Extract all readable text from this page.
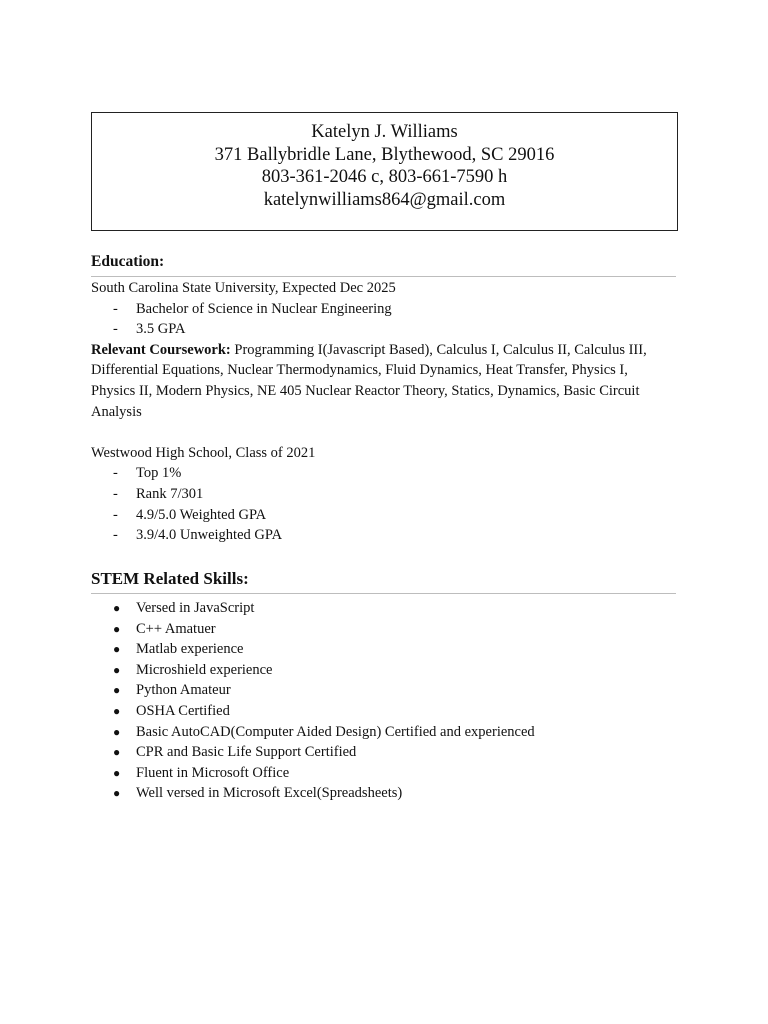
Katelyn J. Williams
371 Ballybridle Lane, Blythewood, SC 29016
803-361-2046 c, 803-661-7590 h
katelynwilliams864@gmail.com
Education:
South Carolina State University, Expected Dec 2025
- Bachelor of Science in Nuclear Engineering
- 3.5 GPA
Relevant Coursework: Programming I(Javascript Based), Calculus I, Calculus II, Calculus III,
Differential Equations, Nuclear Thermodynamics, Fluid Dynamics, Heat Transfer, Physics I,
Physics II, Modern Physics, NE 405 Nuclear Reactor Theory, Statics, Dynamics, Basic Circuit
Analysis
Westwood High School, Class of 2021
- Top 1%
- Rank 7/301
- 4.9/5.0 Weighted GPA
- 3.9/4.0 Unweighted GPA
STEM Related Skills:
● Versed in JavaScript
● C++ Amatuer
● Matlab experience
● Microshield experience
● Python Amateur
● OSHA Certified
● Basic AutoCAD(Computer Aided Design) Certified and experienced
● CPR and Basic Life Support Certified
● Fluent in Microsoft Office
● Well versed in Microsoft Excel(Spreadsheets)
